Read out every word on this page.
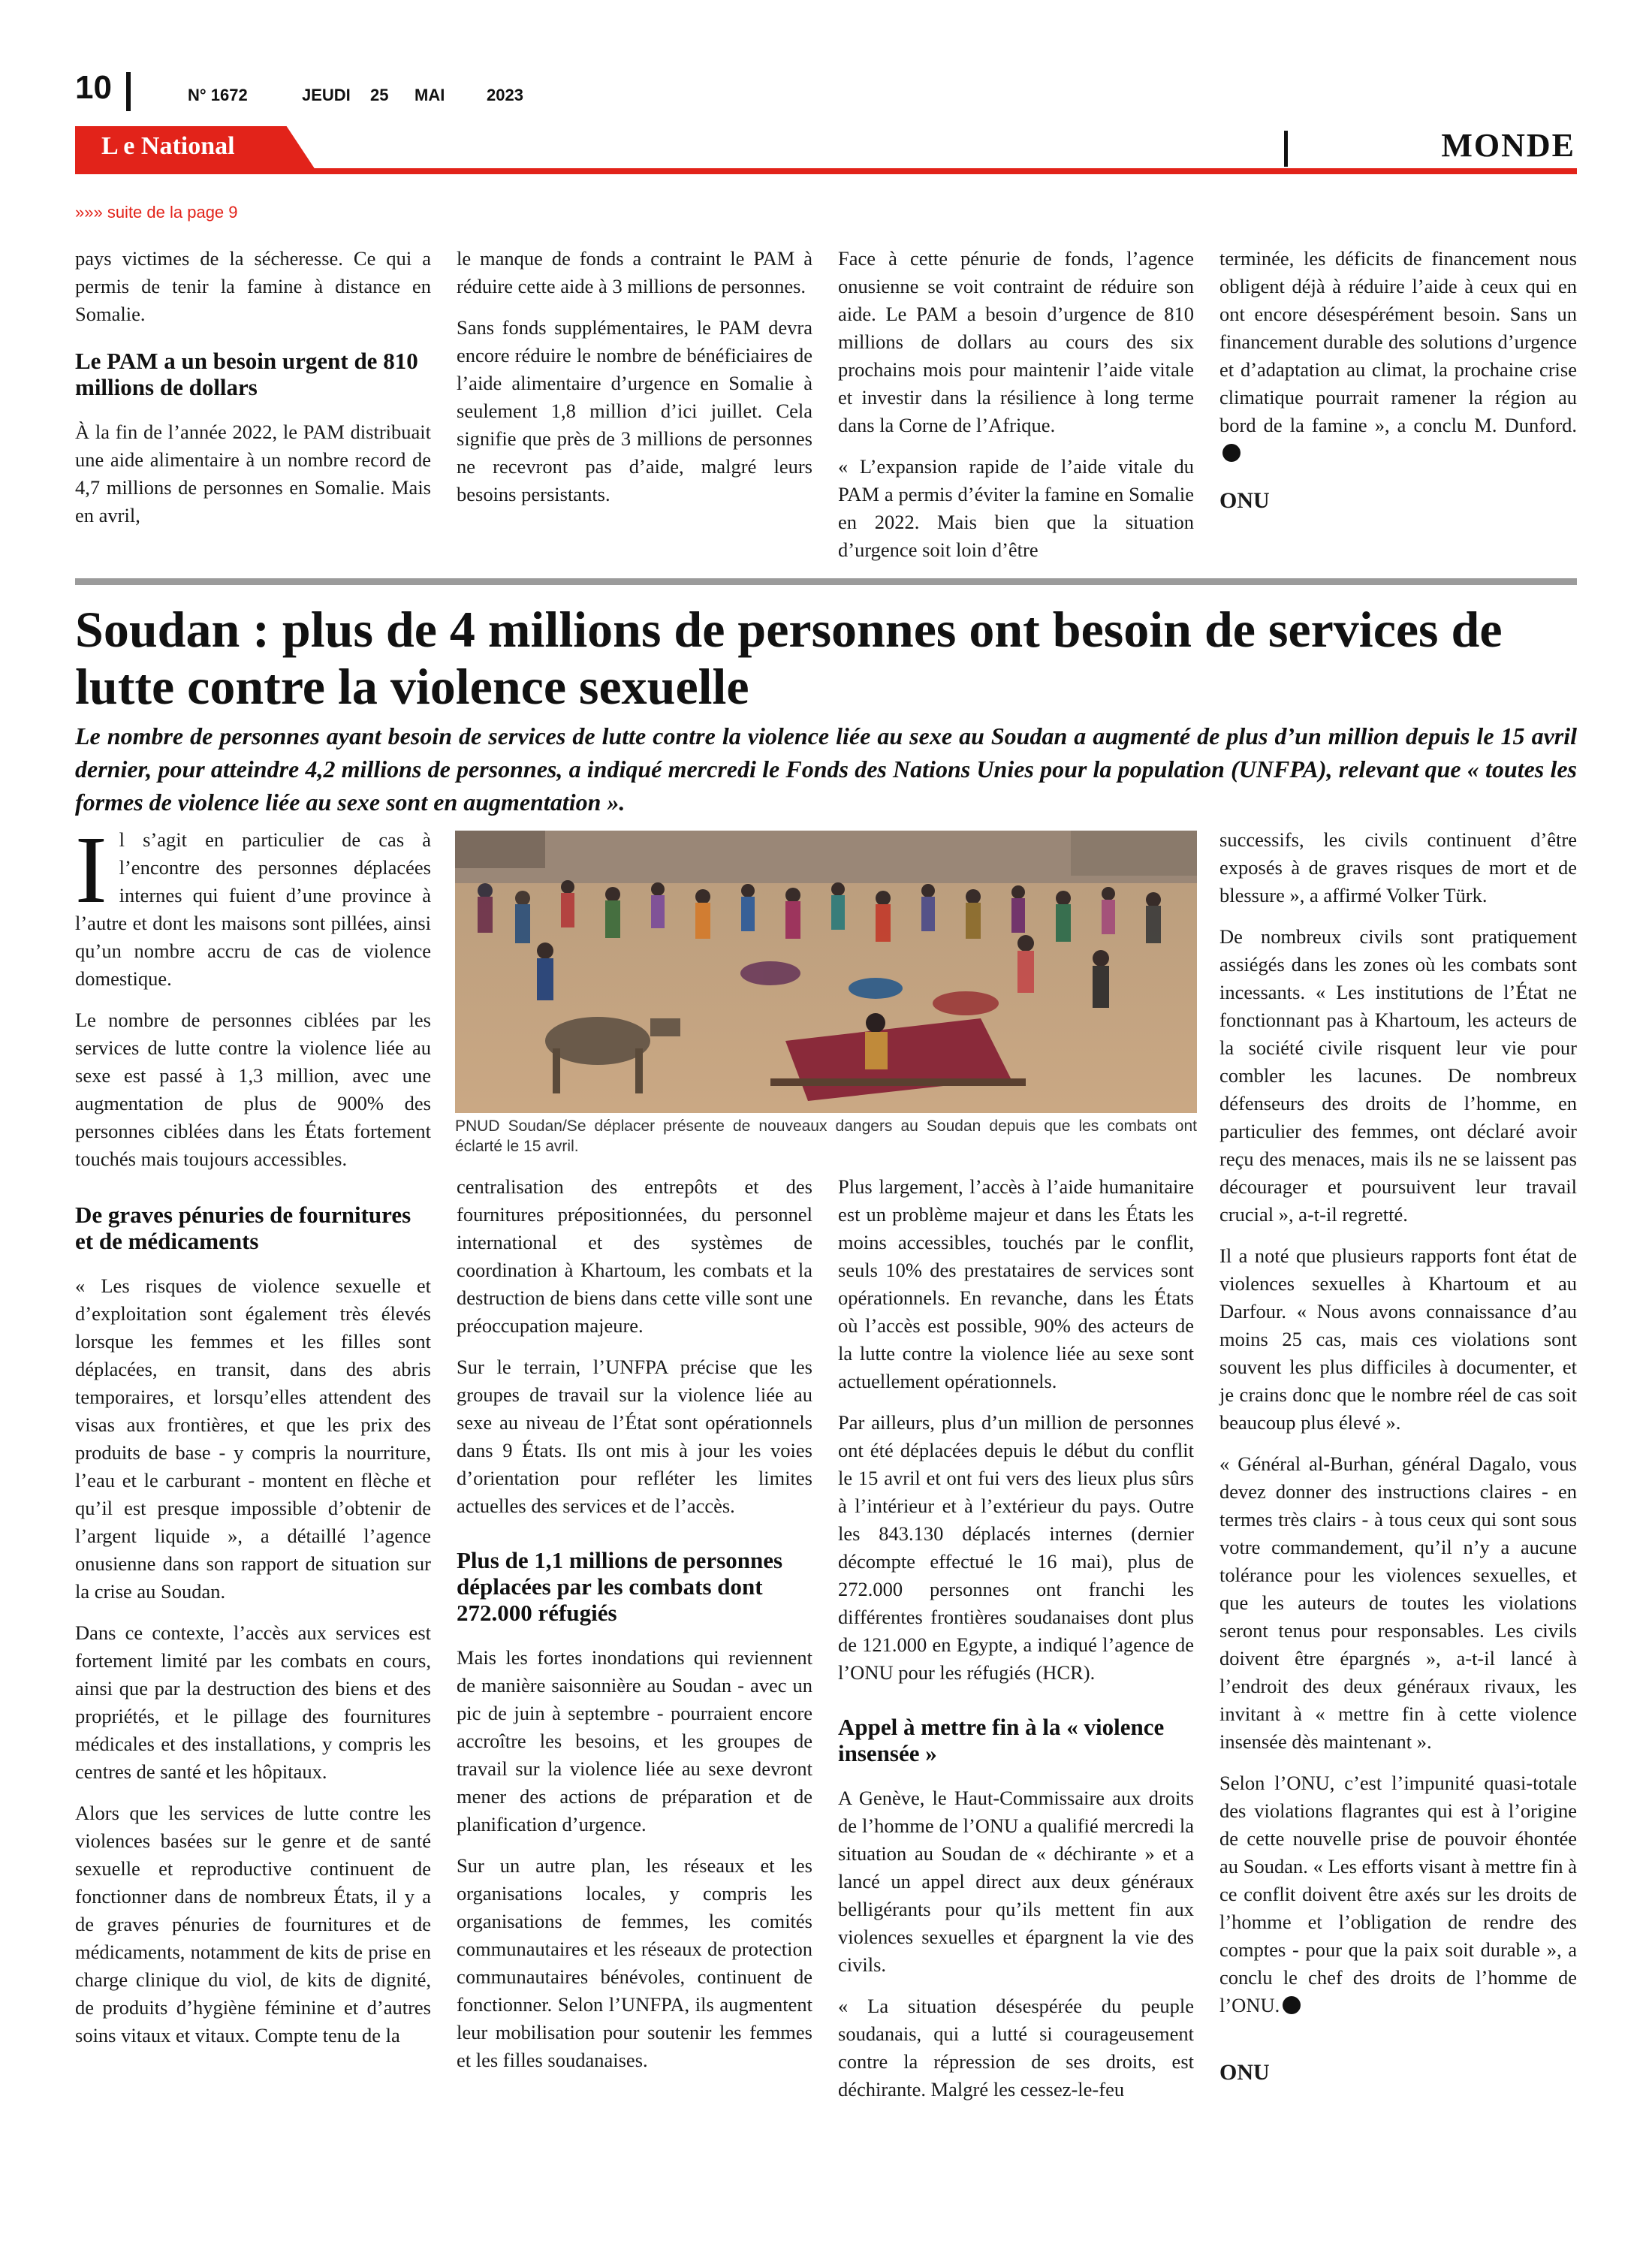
10	N° 1672	JEUDI 25 MAI	2023
L e National	MONDE
»»» suite de la page 9

pays victimes de la sécheresse. Ce qui a permis de tenir la famine à distance en Somalie.

Le PAM a un besoin urgent de 810 millions de dollars

À la fin de l’année 2022, le PAM distribuait une aide alimentaire à un nombre record de 4,7 millions de personnes en Somalie. Mais en avril,

le manque de fonds a contraint le PAM à réduire cette aide à 3 millions de personnes.

Sans fonds supplémentaires, le PAM devra encore réduire le nombre de bénéficiaires de l’aide alimentaire d’urgence en Somalie à seulement 1,8 million d’ici juillet. Cela signifie que près de 3 millions de personnes ne recevront pas d’aide, malgré leurs besoins persistants.

Face à cette pénurie de fonds, l’agence onusienne se voit contraint de réduire son aide. Le PAM a besoin d’urgence de 810 millions de dollars au cours des six prochains mois pour maintenir l’aide vitale et investir dans la résilience à long terme dans la Corne de l’Afrique.

« L’expansion rapide de l’aide vitale du PAM a permis d’éviter la famine en Somalie en 2022. Mais bien que la situation d’urgence soit loin d’être

terminée, les déficits de financement nous obligent déjà à réduire l’aide à ceux qui en ont encore désespérément besoin. Sans un financement durable des solutions d’urgence et d’adaptation au climat, la prochaine crise climatique pourrait ramener la région au bord de la famine », a conclu M. Dunford.

ONU
Soudan : plus de 4 millions de personnes ont besoin de services de lutte contre la violence sexuelle
Le nombre de personnes ayant besoin de services de lutte contre la violence liée au sexe au Soudan a augmenté de plus d’un million depuis le 15 avril dernier, pour atteindre 4,2 millions de personnes, a indiqué mercredi le Fonds des Nations Unies pour la population (UNFPA), relevant que « toutes les formes de violence liée au sexe sont en augmentation ».

Il s’agit en particulier de cas à l’encontre des personnes déplacées internes qui fuient d’une province à l’autre et dont les maisons sont pillées, ainsi qu’un nombre accru de cas de violence domestique.

Le nombre de personnes ciblées par les services de lutte contre la violence liée au sexe est passé à 1,3 million, avec une augmentation de plus de 900% des personnes ciblées dans les États fortement touchés mais toujours accessibles.

De graves pénuries de fournitures et de médicaments

« Les risques de violence sexuelle et d’exploitation sont également très élevés lorsque les femmes et les filles sont déplacées, en transit, dans des abris temporaires, et lorsqu’elles attendent des visas aux frontières, et que les prix des produits de base - y compris la nourriture, l’eau et le carburant - montent en flèche et qu’il est presque impossible d’obtenir de l’argent liquide », a détaillé l’agence onusienne dans son rapport de situation sur la crise au Soudan.

Dans ce contexte, l’accès aux services est fortement limité par les combats en cours, ainsi que par la destruction des biens et des propriétés, et le pillage des fournitures médicales et des installations, y compris les centres de santé et les hôpitaux.

Alors que les services de lutte contre les violences basées sur le genre et de santé sexuelle et reproductive continuent de fonctionner dans de nombreux États, il y a de graves pénuries de fournitures et de médicaments, notamment de kits de prise en charge clinique du viol, de kits de dignité, de produits d’hygiène féminine et d’autres soins vitaux et vitaux. Compte tenu de la

PNUD Soudan/Se déplacer présente de nouveaux dangers au Soudan depuis que les combats ont éclarté le 15 avril.

centralisation des entrepôts et des fournitures prépositionnées, du personnel international et des systèmes de coordination à Khartoum, les combats et la destruction de biens dans cette ville sont une préoccupation majeure.

Sur le terrain, l’UNFPA précise que les groupes de travail sur la violence liée au sexe au niveau de l’État sont opérationnels dans 9 États. Ils ont mis à jour les voies d’orientation pour refléter les limites actuelles des services et de l’accès.

Plus de 1,1 millions de personnes déplacées par les combats dont 272.000 réfugiés

Mais les fortes inondations qui reviennent de manière saisonnière au Soudan - avec un pic de juin à septembre - pourraient encore accroître les besoins, et les groupes de travail sur la violence liée au sexe devront mener des actions de préparation et de planification d’urgence.

Sur un autre plan, les réseaux et les organisations locales, y compris les organisations de femmes, les comités communautaires et les réseaux de protection communautaires bénévoles, continuent de fonctionner. Selon l’UNFPA, ils augmentent leur mobilisation pour soutenir les femmes et les filles soudanaises.

Plus largement, l’accès à l’aide humanitaire est un problème majeur et dans les États les moins accessibles, touchés par le conflit, seuls 10% des prestataires de services sont opérationnels. En revanche, dans les États où l’accès est possible, 90% des acteurs de la lutte contre la violence liée au sexe sont actuellement opérationnels.

Par ailleurs, plus d’un million de personnes ont été déplacées depuis le début du conflit le 15 avril et ont fui vers des lieux plus sûrs à l’intérieur et à l’extérieur du pays. Outre les 843.130 déplacés internes (dernier décompte effectué le 16 mai), plus de 272.000 personnes ont franchi les différentes frontières soudanaises dont plus de 121.000 en Egypte, a indiqué l’agence de l’ONU pour les réfugiés (HCR).

Appel à mettre fin à la « violence insensée »

A Genève, le Haut-Commissaire aux droits de l’homme de l’ONU a qualifié mercredi la situation au Soudan de « déchirante » et a lancé un appel direct aux deux généraux belligérants pour qu’ils mettent fin aux violences sexuelles et épargnent la vie des civils.

« La situation désespérée du peuple soudanais, qui a lutté si courageusement contre la répression de ses droits, est déchirante. Malgré les cessez-le-feu

successifs, les civils continuent d’être exposés à de graves risques de mort et de blessure », a affirmé Volker Türk.

De nombreux civils sont pratiquement assiégés dans les zones où les combats sont incessants. « Les institutions de l’État ne fonctionnant pas à Khartoum, les acteurs de la société civile risquent leur vie pour combler les lacunes. De nombreux défenseurs des droits de l’homme, en particulier des femmes, ont déclaré avoir reçu des menaces, mais ils ne se laissent pas décourager et poursuivent leur travail crucial », a-t-il regretté.

Il a noté que plusieurs rapports font état de violences sexuelles à Khartoum et au Darfour. « Nous avons connaissance d’au moins 25 cas, mais ces violations sont souvent les plus difficiles à documenter, et je crains donc que le nombre réel de cas soit beaucoup plus élevé ».

« Général al-Burhan, général Dagalo, vous devez donner des instructions claires - en termes très clairs - à tous ceux qui sont sous votre commandement, qu’il n’y a aucune tolérance pour les violences sexuelles, et que les auteurs de toutes les violations seront tenus pour responsables. Les civils doivent être épargnés », a-t-il lancé à l’endroit des deux généraux rivaux, les invitant à « mettre fin à cette violence insensée dès maintenant ».

Selon l’ONU, c’est l’impunité quasi-totale des violations flagrantes qui est à l’origine de cette nouvelle prise de pouvoir éhontée au Soudan. « Les efforts visant à mettre fin à ce conflit doivent être axés sur les droits de l’homme et l’obligation de rendre des comptes - pour que la paix soit durable », a conclu le chef des droits de l’homme de l’ONU.

ONU
